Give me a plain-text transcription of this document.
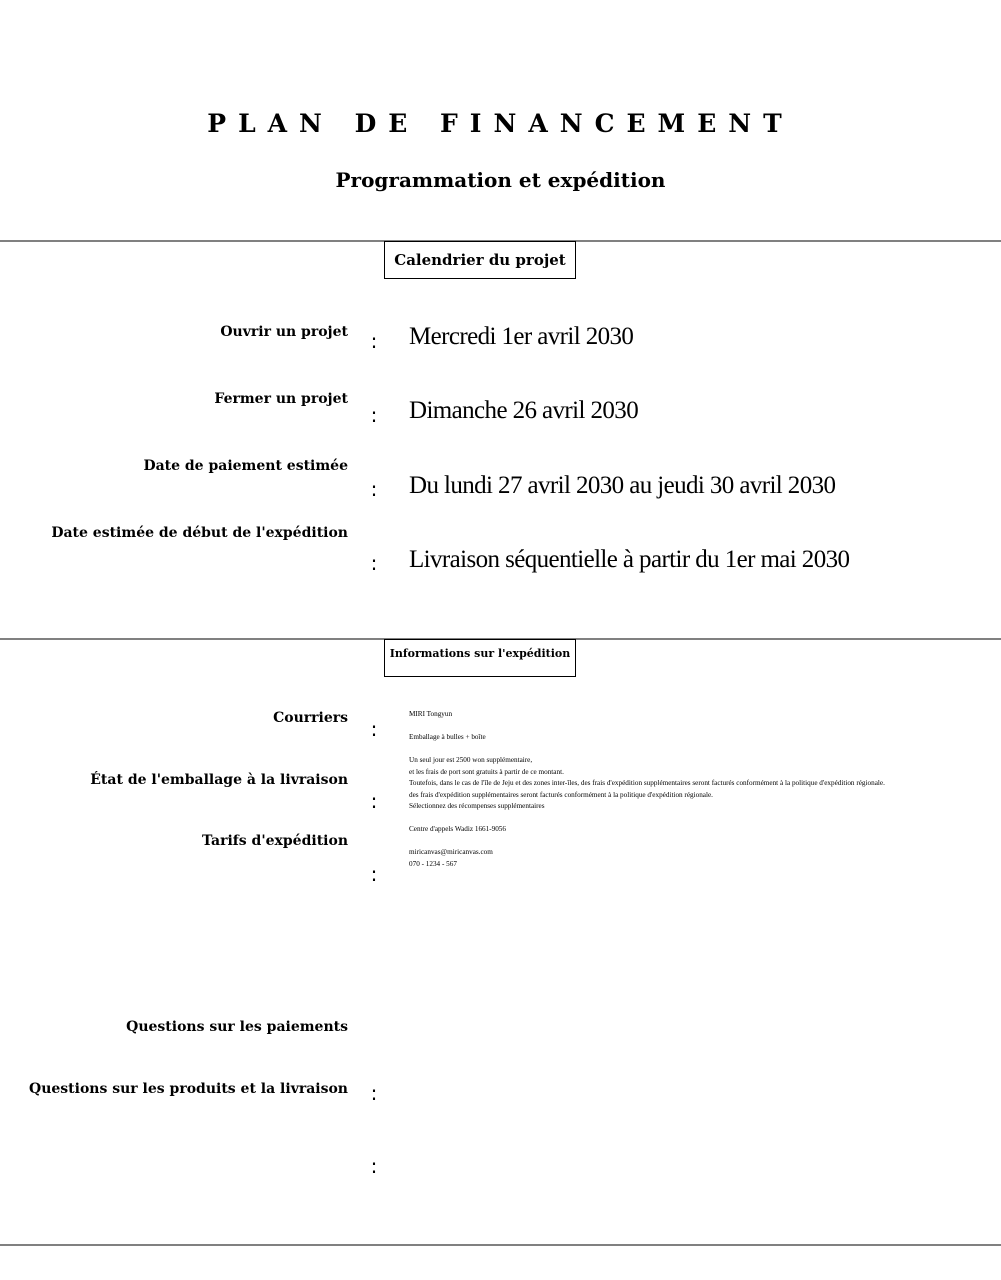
PLAN DE FINANCEMENT
Programmation et expédition
Calendrier du projet
Ouvrir un projet : Mercredi 1er avril 2030
Fermer un projet
: Dimanche 26 avril 2030
Date de paiement estimée
: Du lundi 27 avril 2030 au jeudi 30 avril 2030
Date estimée de début de l'expédition
: Livraison séquentielle à partir du 1er mai 2030
Informations sur l'expédition
Courriers
État de l'emballage à la livraison
Tarifs d'expédition
Questions sur les paiements
Questions sur les produits et la livraison
:
:
:
:
:
MIRI Tongyun
Emballage à bulles + boîte
Un seul jour est 2500 won supplémentaire,
et les frais de port sont gratuits à partir de ce montant.
Toutefois, dans le cas de l'île de Jeju et des zones inter-îles, des frais d'expédition supplémentaires seront facturés conformément à la politique d'expédition régionale.
des frais d'expédition supplémentaires seront facturés conformément à la politique d'expédition régionale.
Sélectionnez des récompenses supplémentaires
Centre d'appels Wadiz 1661-9056
miricanvas@miricanvas.com
070 - 1234 - 567
